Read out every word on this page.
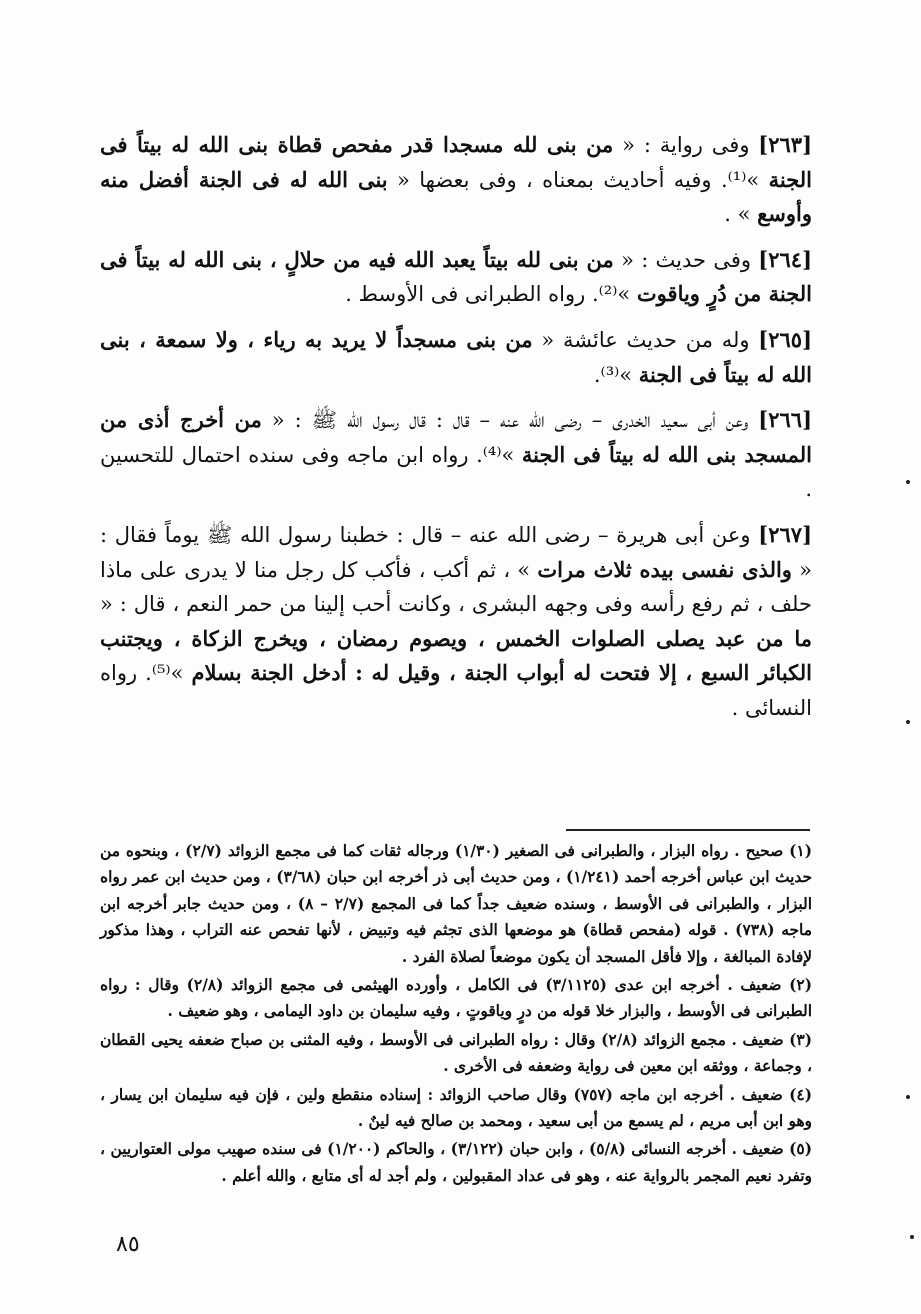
[٢٦٣] وفى رواية : « من بنى لله مسجدا قدر مفحص قطاة بنى الله له بيتاً فى الجنة »⁽¹⁾. وفيه أحاديث بمعناه ، وفى بعضها « بنى الله له فى الجنة أفضل منه وأوسع » .

[٢٦٤] وفى حديث : « من بنى لله بيتاً يعبد الله فيه من حلالٍ ، بنى الله له بيتاً فى الجنة من دُرٍ وياقوت »⁽²⁾. رواه الطبرانى فى الأوسط .

[٢٦٥] وله من حديث عائشة « من بنى مسجداً لا يريد به رياء ، ولا سمعة ، بنى الله له بيتاً فى الجنة »⁽³⁾.

[٢٦٦] وعن أبى سعيد الخدرى – رضى الله عنه – قال : قال رسول الله ﷺ : « من أخرج أذى من المسجد بنى الله له بيتاً فى الجنة »⁽⁴⁾. رواه ابن ماجه وفى سنده احتمال للتحسين .

[٢٦٧] وعن أبى هريرة – رضى الله عنه – قال : خطبنا رسول الله ﷺ يوماً فقال : « والذى نفسى بيده ثلاث مرات » ، ثم أكب ، فأكب كل رجل منا لا يدرى على ماذا حلف ، ثم رفع رأسه وفى وجهه البشرى ، وكانت أحب إلينا من حمر النعم ، قال : « ما من عبد يصلى الصلوات الخمس ، ويصوم رمضان ، ويخرج الزكاة ، ويجتنب الكبائر السبع ، إلا فتحت له أبواب الجنة ، وقيل له : أدخل الجنة بسلام »⁽⁵⁾. رواه النسائى .

(١) صحيح . رواه البزار ، والطبرانى فى الصغير (١/٣٠) ورجاله ثقات كما فى مجمع الزوائد (٢/٧) ، وبنحوه من حديث ابن عباس أخرجه أحمد (١/٢٤١) ، ومن حديث أبى ذر أخرجه ابن حبان (٣/٦٨) ، ومن حديث ابن عمر رواه البزار ، والطبرانى فى الأوسط ، وسنده ضعيف جداً كما فى المجمع (٢/٧ – ٨) ، ومن حديث جابر أخرجه ابن ماجه (٧٣٨) . قوله (مفحص قطاة) هو موضعها الذى تجثم فيه وتبيض ، لأنها تفحص عنه التراب ، وهذا مذكور لإفادة المبالغة ، وإلا فأقل المسجد أن يكون موضعاً لصلاة الفرد .

(٢) ضعيف . أخرجه ابن عدى (٣/١١٢٥) فى الكامل ، وأورده الهيثمى فى مجمع الزوائد (٢/٨) وقال : رواه الطبرانى فى الأوسط ، والبزار خلا قوله من درٍ وياقوتٍ ، وفيه سليمان بن داود اليمامى ، وهو ضعيف .

(٣) ضعيف . مجمع الزوائد (٢/٨) وقال : رواه الطبرانى فى الأوسط ، وفيه المثنى بن صباح ضعفه يحيى القطان ، وجماعة ، ووثقه ابن معين فى رواية وضعفه فى الأخرى .

(٤) ضعيف . أخرجه ابن ماجه (٧٥٧) وقال صاحب الزوائد : إسناده منقطع ولين ، فإن فيه سليمان ابن يسار ، وهو ابن أبى مريم ، لم يسمع من أبى سعيد ، ومحمد بن صالح فيه لينٌ .

(٥) ضعيف . أخرجه النسائى (٥/٨) ، وابن حبان (٣/١٢٢) ، والحاكم (١/٢٠٠) فى سنده صهيب مولى العتواريين ، وتفرد نعيم المجمر بالرواية عنه ، وهو فى عداد المقبولين ، ولم أجد له أى متابع ، والله أعلم .

٨٥
